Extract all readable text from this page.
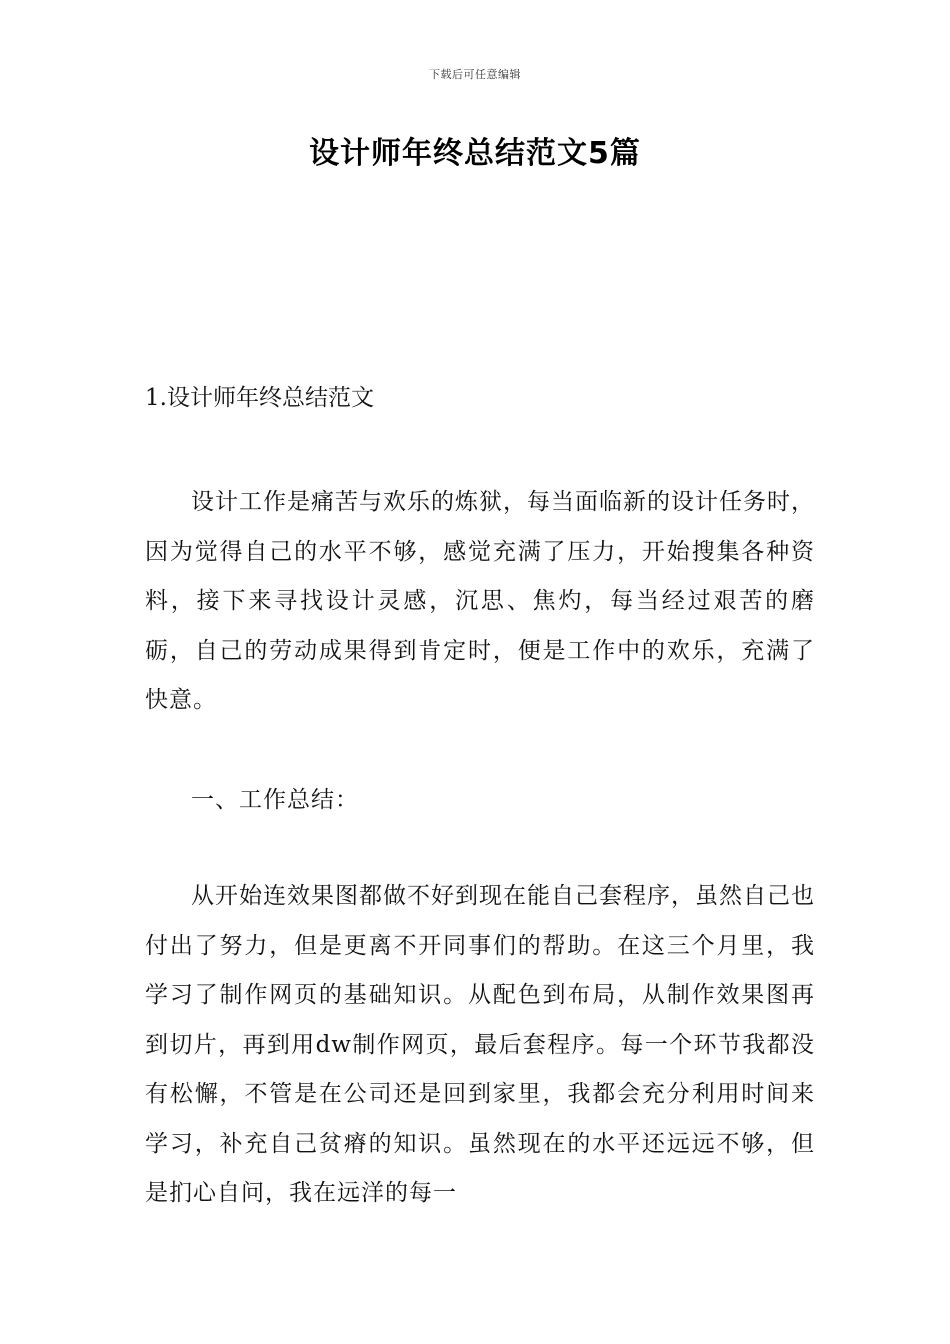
下载后可任意编辑
设计师年终总结范文5篇
1.设计师年终总结范文

设计工作是痛苦与欢乐的炼狱，每当面临新的设计任务时，因为觉得自己的水平不够，感觉充满了压力，开始搜集各种资料，接下来寻找设计灵感，沉思、焦灼，每当经过艰苦的磨砺，自己的劳动成果得到肯定时，便是工作中的欢乐，充满了快意。

一、工作总结：

从开始连效果图都做不好到现在能自己套程序，虽然自己也付出了努力，但是更离不开同事们的帮助。在这三个月里，我学习了制作网页的基础知识。从配色到布局，从制作效果图再到切片，再到用dw制作网页，最后套程序。每一个环节我都没有松懈，不管是在公司还是回到家里，我都会充分利用时间来学习，补充自己贫瘠的知识。虽然现在的水平还远远不够，但是扪心自问，我在远洋的每一
